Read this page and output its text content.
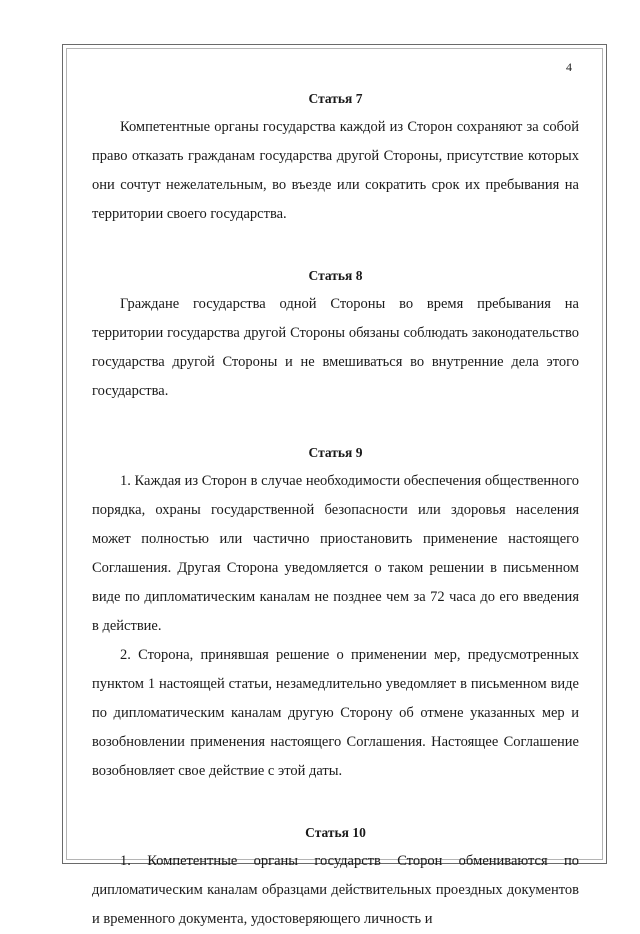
4
Статья 7

Компетентные органы государства каждой из Сторон сохраняют за собой право отказать гражданам государства другой Стороны, присутствие которых они сочтут нежелательным, во въезде или сократить срок их пребывания на территории своего государства.

Статья 8

Граждане государства одной Стороны во время пребывания на территории государства другой Стороны обязаны соблюдать законодательство государства другой Стороны и не вмешиваться во внутренние дела этого государства.

Статья 9

1. Каждая из Сторон в случае необходимости обеспечения общественного порядка, охраны государственной безопасности или здоровья населения может полностью или частично приостановить применение настоящего Соглашения. Другая Сторона уведомляется о таком решении в письменном виде по дипломатическим каналам не позднее чем за 72 часа до его введения в действие.

2. Сторона, принявшая решение о применении мер, предусмотренных пунктом 1 настоящей статьи, незамедлительно уведомляет в письменном виде по дипломатическим каналам другую Сторону об отмене указанных мер и возобновлении применения настоящего Соглашения. Настоящее Соглашение возобновляет свое действие с этой даты.

Статья 10

1. Компетентные органы государств Сторон обмениваются по дипломатическим каналам образцами действительных проездных документов и временного документа, удостоверяющего личность и
